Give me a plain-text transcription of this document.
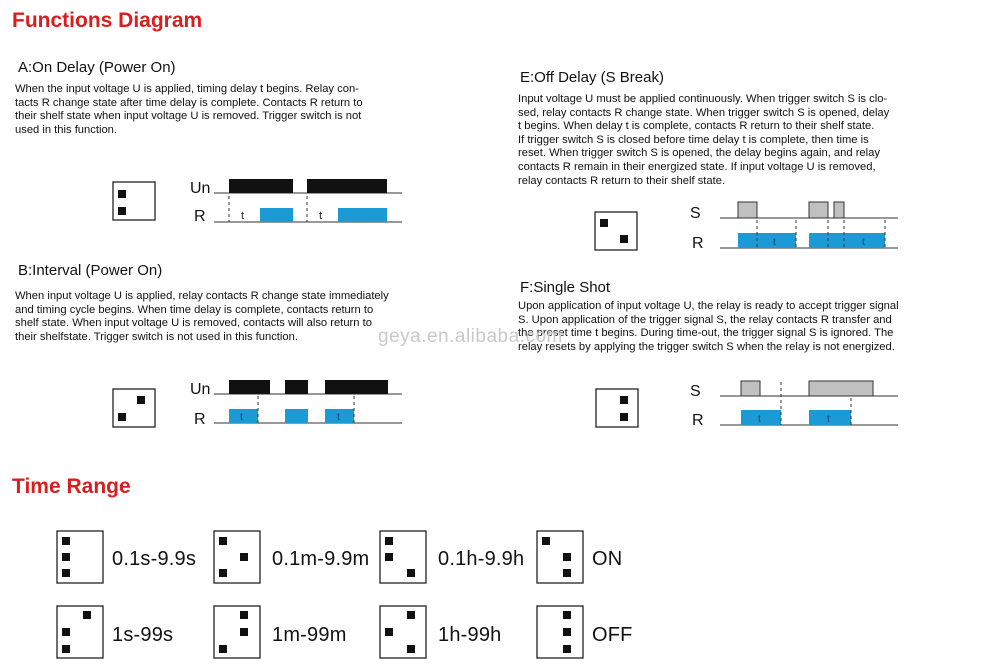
Functions Diagram
A:On Delay (Power On)
When the input voltage U is applied, timing delay t begins. Relay con-
tacts R change state after time delay is complete. Contacts R return to
their shelf state when input voltage U is removed. Trigger switch is not
used in this function.
B:Interval (Power On)
When input voltage U is applied, relay contacts R change state immediately
and timing cycle begins. When time delay is complete, contacts return to
shelf state. When input voltage U is removed, contacts will also return to
their shelfstate. Trigger switch is not used in this function.
E:Off Delay (S Break)
Input voltage U must be applied continuously. When trigger switch S is clo-
sed, relay contacts R change state. When trigger switch S is opened, delay
t begins. When delay t is complete, contacts R return to their shelf state.
If trigger switch S is closed before time delay t is complete, then time is
reset. When trigger switch S is opened, the delay begins again, and relay
contacts R remain in their energized state. If input voltage U is removed,
relay contacts R return to their shelf state.
F:Single Shot
Upon application of input voltage U, the relay is ready to accept trigger signal
S. Upon application of the trigger signal S, the relay contacts R transfer and
the preset time t begins. During time-out, the trigger signal S is ignored. The
relay resets by applying the trigger switch S when the relay is not energized.
geya.en.alibaba.com
Time Range
0.1s-9.9s	0.1m-9.9m	0.1h-9.9h	ON
1s-99s	1m-99m	1h-99h	OFF
Un
R	t	t
Un
R	t	t
S
R	t	t
S
R	t	t
